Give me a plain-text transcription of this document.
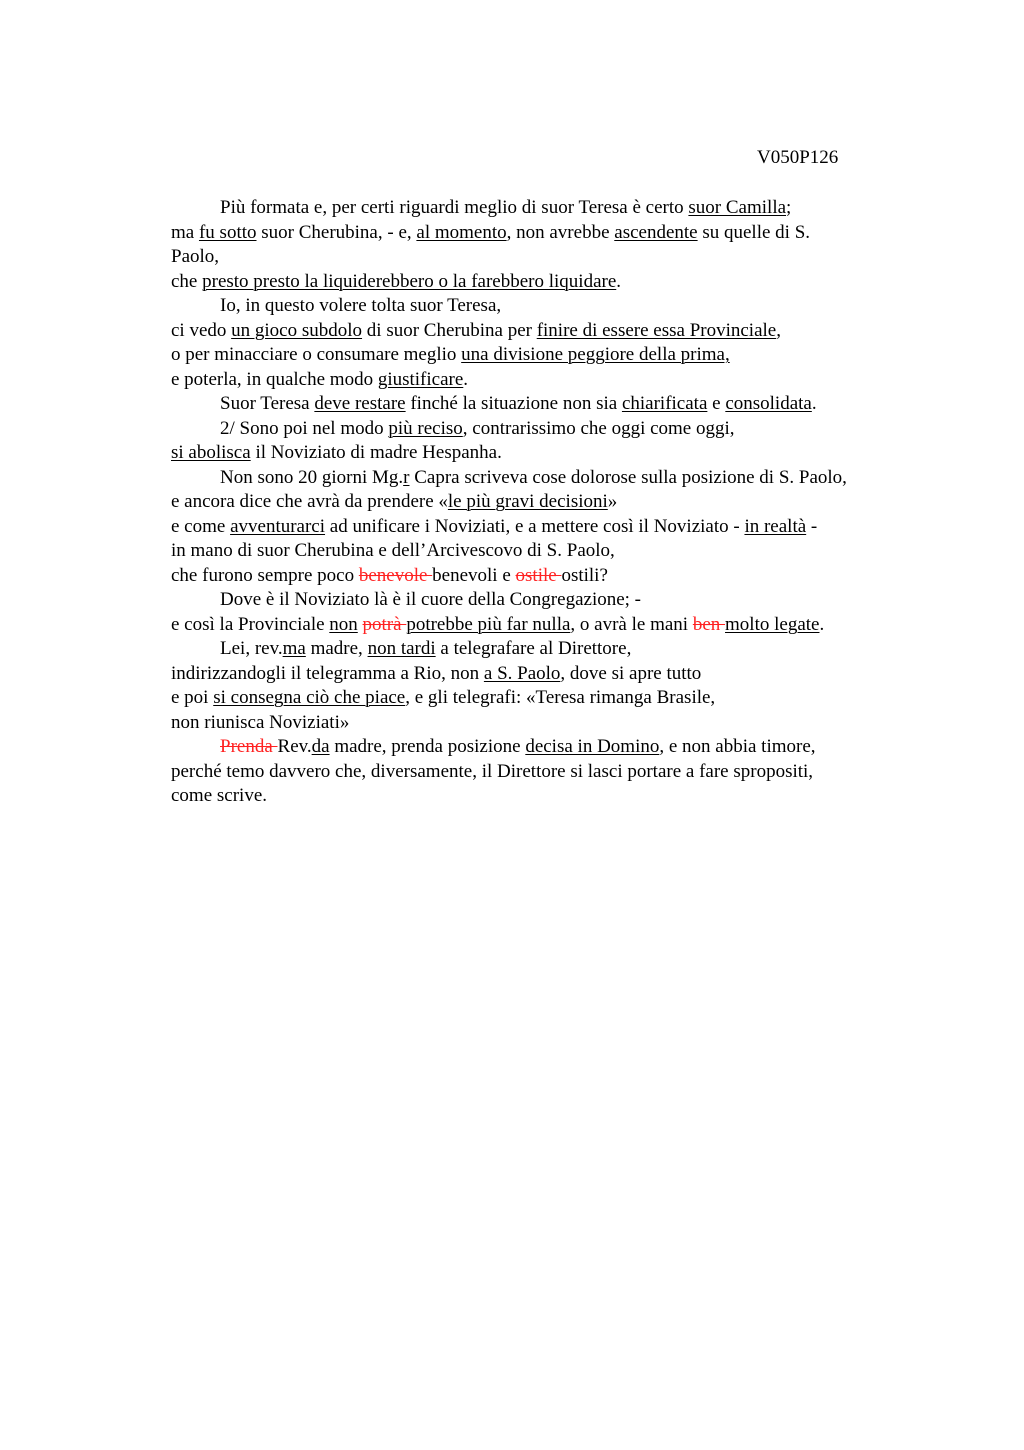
V050P126
Più formata e, per certi riguardi meglio di suor Teresa è certo suor Camilla;
ma fu sotto suor Cherubina, - e, al momento, non avrebbe ascendente su quelle di S.
Paolo,
che presto presto la liquiderebbero o la farebbero liquidare.
Io, in questo volere tolta suor Teresa,
ci vedo un gioco subdolo di suor Cherubina per finire di essere essa Provinciale,
o per minacciare o consumare meglio una divisione peggiore della prima,
e poterla, in qualche modo giustificare.
Suor Teresa deve restare finché la situazione non sia chiarificata e consolidata.
2/ Sono poi nel modo più reciso, contrarissimo che oggi come oggi,
si abolisca il Noviziato di madre Hespanha.
Non sono 20 giorni Mg.r Capra scriveva cose dolorose sulla posizione di S. Paolo,
e ancora dice che avrà da prendere «le più gravi decisioni»
e come avventurarci ad unificare i Noviziati, e a mettere così il Noviziato - in realtà -
in mano di suor Cherubina e dell’Arcivescovo di S. Paolo,
che furono sempre poco benevole benevoli e ostile ostili?
Dove è il Noviziato là è il cuore della Congregazione; -
e così la Provinciale non potrà potrebbe più far nulla, o avrà le mani ben molto legate.
Lei, rev.ma madre, non tardi a telegrafare al Direttore,
indirizzandogli il telegramma a Rio, non a S. Paolo, dove si apre tutto
e poi si consegna ciò che piace, e gli telegrafi: «Teresa rimanga Brasile,
non riunisca Noviziati»
Prenda Rev.da madre, prenda posizione decisa in Domino, e non abbia timore,
perché temo davvero che, diversamente, il Direttore si lasci portare a fare spropositi,
come scrive.
